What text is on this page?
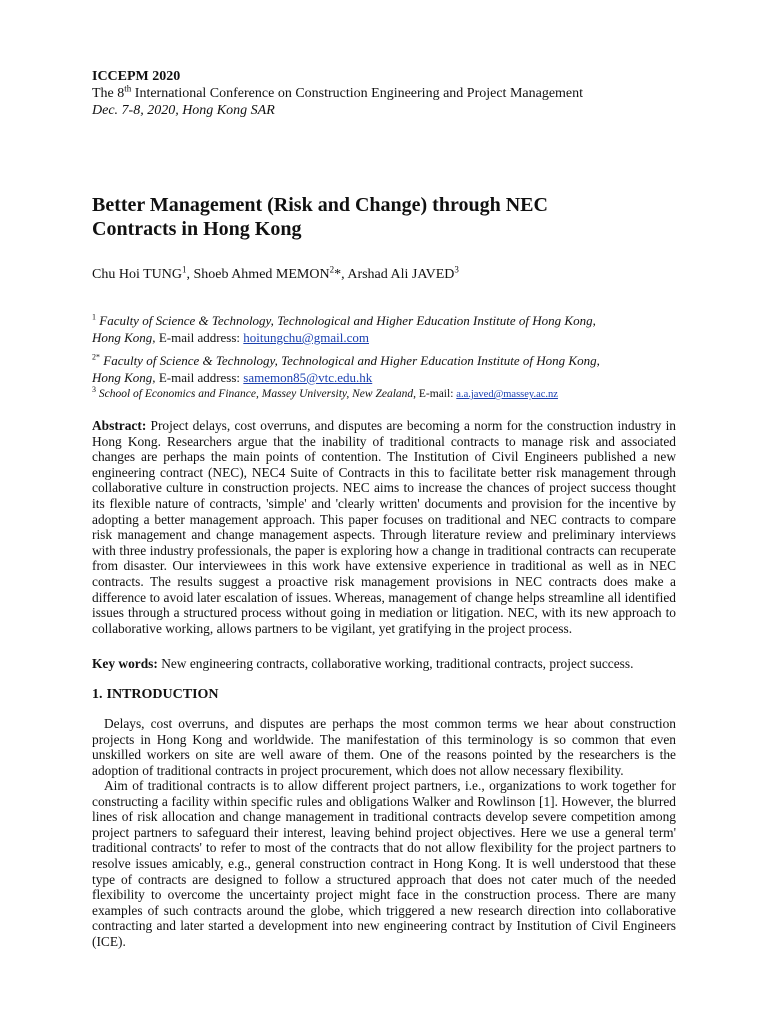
ICCEPM 2020
The 8th International Conference on Construction Engineering and Project Management
Dec. 7-8, 2020, Hong Kong SAR
Better Management (Risk and Change) through NEC
Contracts in Hong Kong
Chu Hoi TUNG$^1$, Shoeb Ahmed MEMON$^2$*, Arshad Ali JAVED$^3$
$^1$ Faculty of Science & Technology, Technological and Higher Education Institute of Hong Kong,
Hong Kong, E-mail address: hoitungchu@gmail.com
$^{2*}$ Faculty of Science & Technology, Technological and Higher Education Institute of Hong Kong,
Hong Kong, E-mail address: samemon85@vtc.edu.hk
$^3$ School of Economics and Finance, Massey University, New Zealand, E-mail: a.a.javed@massey.ac.nz

Abstract: Project delays, cost overruns, and disputes are becoming a norm for the construction industry in Hong Kong. Researchers argue that the inability of traditional contracts to manage risk and associated changes are perhaps the main points of contention. The Institution of Civil Engineers published a new engineering contract (NEC), NEC4 Suite of Contracts in this to facilitate better risk management through collaborative culture in construction projects. NEC aims to increase the chances of project success thought its flexible nature of contracts, 'simple' and 'clearly written' documents and provision for the incentive by adopting a better management approach. This paper focuses on traditional and NEC contracts to compare risk management and change management aspects. Through literature review and preliminary interviews with three industry professionals, the paper is exploring how a change in traditional contracts can recuperate from disaster. Our interviewees in this work have extensive experience in traditional as well as in NEC contracts. The results suggest a proactive risk management provisions in NEC contracts does make a difference to avoid later escalation of issues. Whereas, management of change helps streamline all identified issues through a structured process without going in mediation or litigation. NEC, with its new approach to collaborative working, allows partners to be vigilant, yet gratifying in the project process.

Key words: New engineering contracts, collaborative working, traditional contracts, project success.

1. INTRODUCTION

Delays, cost overruns, and disputes are perhaps the most common terms we hear about construction projects in Hong Kong and worldwide. The manifestation of this terminology is so common that even unskilled workers on site are well aware of them. One of the reasons pointed by the researchers is the adoption of traditional contracts in project procurement, which does not allow necessary flexibility.

Aim of traditional contracts is to allow different project partners, i.e., organizations to work together for constructing a facility within specific rules and obligations Walker and Rowlinson [1]. However, the blurred lines of risk allocation and change management in traditional contracts develop severe competition among project partners to safeguard their interest, leaving behind project objectives. Here we use a general term' traditional contracts' to refer to most of the contracts that do not allow flexibility for the project partners to resolve issues amicably, e.g., general construction contract in Hong Kong. It is well understood that these type of contracts are designed to follow a structured approach that does not cater much of the needed flexibility to overcome the uncertainty project might face in the construction process. There are many examples of such contracts around the globe, which triggered a new research direction into collaborative contracting and later started a development into new engineering contract by Institution of Civil Engineers (ICE).
